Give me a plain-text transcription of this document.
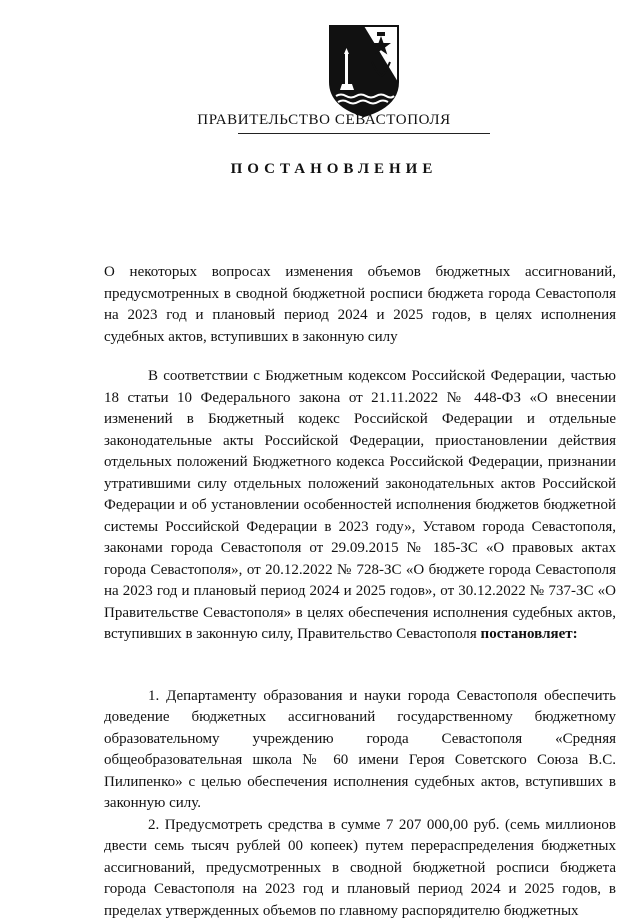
ПРАВИТЕЛЬСТВО СЕВАСТОПОЛЯ
ПОСТАНОВЛЕНИЕ

О некоторых вопросах изменения объемов бюджетных ассигнований, предусмотренных в сводной бюджетной росписи бюджета города Севастополя на 2023 год и плановый период 2024 и 2025 годов, в целях исполнения судебных актов, вступивших в законную силу

В соответствии с Бюджетным кодексом Российской Федерации, частью 18 статьи 10 Федерального закона от 21.11.2022 № 448-ФЗ «О внесении изменений в Бюджетный кодекс Российской Федерации и отдельные законодательные акты Российской Федерации, приостановлении действия отдельных положений Бюджетного кодекса Российской Федерации, признании утратившими силу отдельных положений законодательных актов Российской Федерации и об установлении особенностей исполнения бюджетов бюджетной системы Российской Федерации в 2023 году», Уставом города Севастополя, законами города Севастополя от 29.09.2015 № 185-ЗС «О правовых актах города Севастополя», от 20.12.2022 № 728-ЗС «О бюджете города Севастополя на 2023 год и плановый период 2024 и 2025 годов», от 30.12.2022 № 737-ЗС «О Правительстве Севастополя» в целях обеспечения исполнения судебных актов, вступивших в законную силу, Правительство Севастополя постановляет:

1. Департаменту образования и науки города Севастополя обеспечить доведение бюджетных ассигнований государственному бюджетному образовательному учреждению города Севастополя «Средняя общеобразовательная школа № 60 имени Героя Советского Союза В.С. Пилипенко» с целью обеспечения исполнения судебных актов, вступивших в законную силу.

2. Предусмотреть средства в сумме 7 207 000,00 руб. (семь миллионов двести семь тысяч рублей 00 копеек) путем перераспределения бюджетных ассигнований, предусмотренных в сводной бюджетной росписи бюджета города Севастополя на 2023 год и плановый период 2024 и 2025 годов, в пределах утвержденных объемов по главному распорядителю бюджетных
